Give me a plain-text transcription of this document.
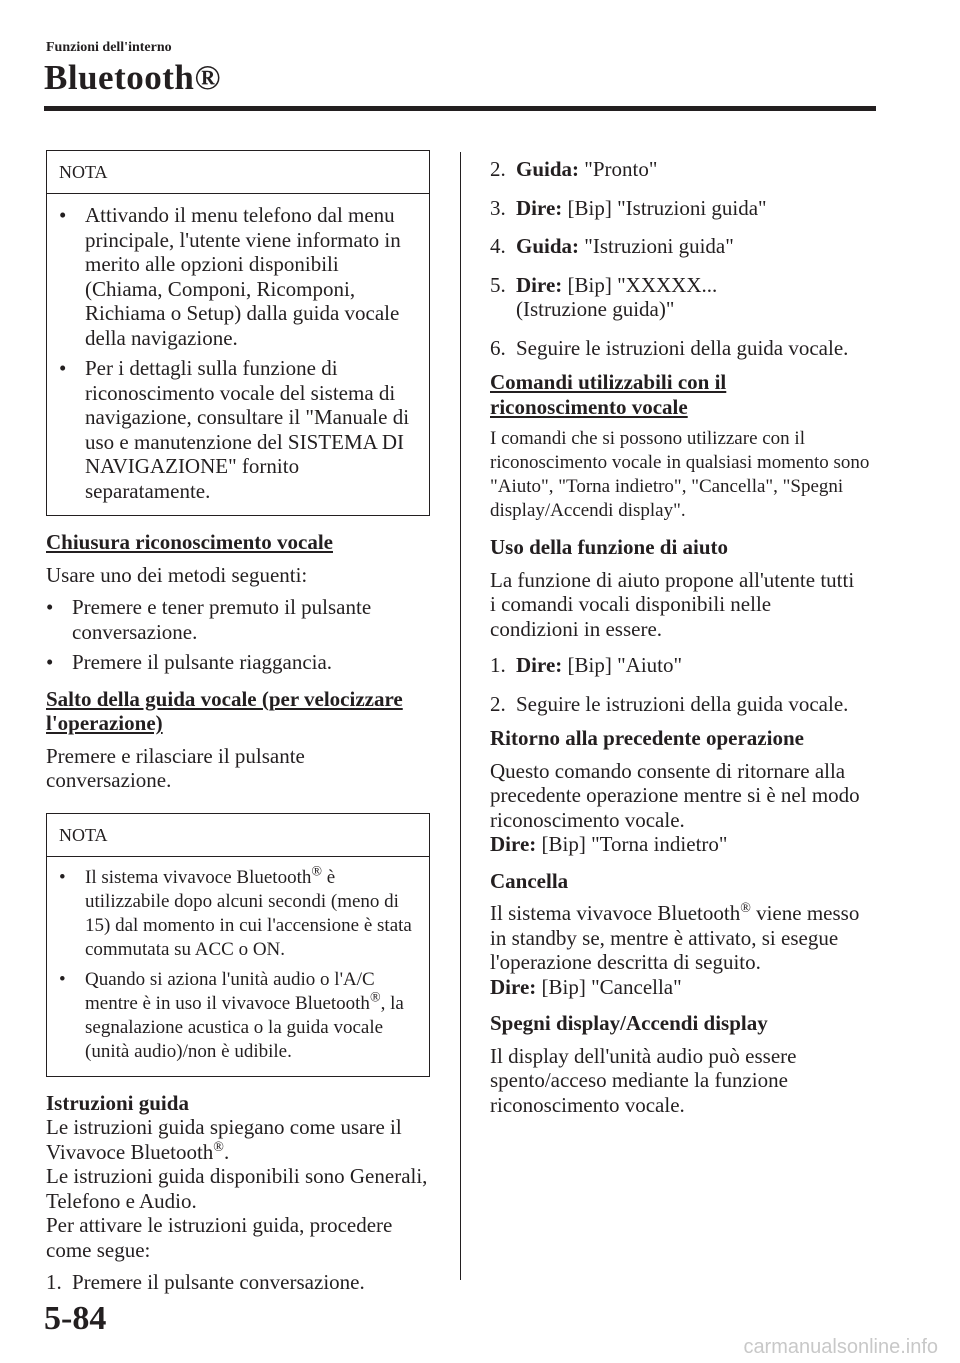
Funzioni dell'interno
Bluetooth®
NOTA

• Attivando il menu telefono dal menu principale, l'utente viene informato in merito alle opzioni disponibili (Chiama, Componi, Ricomponi, Richiama o Setup) dalla guida vocale della navigazione.

• Per i dettagli sulla funzione di riconoscimento vocale del sistema di navigazione, consultare il "Manuale di uso e manutenzione del SISTEMA DI NAVIGAZIONE" fornito separatamente.

Chiusura riconoscimento vocale

Usare uno dei metodi seguenti:

• Premere e tener premuto il pulsante conversazione.

• Premere il pulsante riaggancia.

Salto della guida vocale (per velocizzare l'operazione)

Premere e rilasciare il pulsante conversazione.

NOTA

•	Il sistema vivavoce Bluetooth® è utilizzabile dopo alcuni secondi (meno di 15) dal momento in cui l'accensione è stata commutata su ACC o ON.

•	Quando si aziona l'unità audio o l'A/C mentre è in uso il vivavoce Bluetooth®, la segnalazione acustica o la guida vocale (unità audio)/non è udibile.

Istruzioni guida

Le istruzioni guida spiegano come usare il Vivavoce Bluetooth®.

Le istruzioni guida disponibili sono Generali, Telefono e Audio.

Per attivare le istruzioni guida, procedere come segue:

1. Premere il pulsante conversazione.

2. Guida: "Pronto"

3. Dire: [Bip] "Istruzioni guida"

4. Guida: "Istruzioni guida"

5. Dire: [Bip] "XXXXX... (Istruzione guida)"

6. Seguire le istruzioni della guida vocale.

Comandi utilizzabili con il riconoscimento vocale

I comandi che si possono utilizzare con il riconoscimento vocale in qualsiasi momento sono "Aiuto", "Torna indietro", "Cancella", "Spegni display/Accendi display".

Uso della funzione di aiuto

La funzione di aiuto propone all'utente tutti i comandi vocali disponibili nelle condizioni in essere.

1. Dire: [Bip] "Aiuto"

2. Seguire le istruzioni della guida vocale.

Ritorno alla precedente operazione

Questo comando consente di ritornare alla precedente operazione mentre si è nel modo riconoscimento vocale.

Dire: [Bip] "Torna indietro"

Cancella

Il sistema vivavoce Bluetooth® viene messo in standby se, mentre è attivato, si esegue l'operazione descritta di seguito.

Dire: [Bip] "Cancella"

Spegni display/Accendi display

Il display dell'unità audio può essere spento/acceso mediante la funzione riconoscimento vocale.

5-84
carmanualsonline.info
